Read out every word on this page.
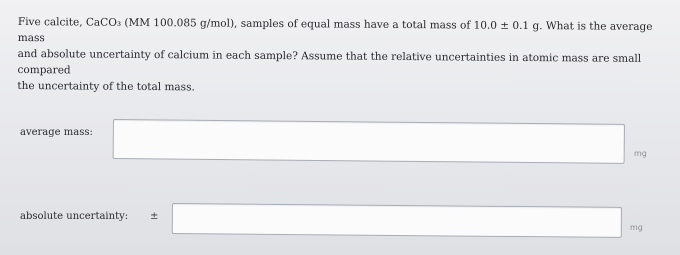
Five calcite, CaCO₃ (MM 100.085 g/mol), samples of equal mass have a total mass of 10.0 ± 0.1 g. What is the average mass

and absolute uncertainty of calcium in each sample? Assume that the relative uncertainties in atomic mass are small compared

the uncertainty of the total mass.

average mass:
mg
absolute uncertainty: ±
mg
